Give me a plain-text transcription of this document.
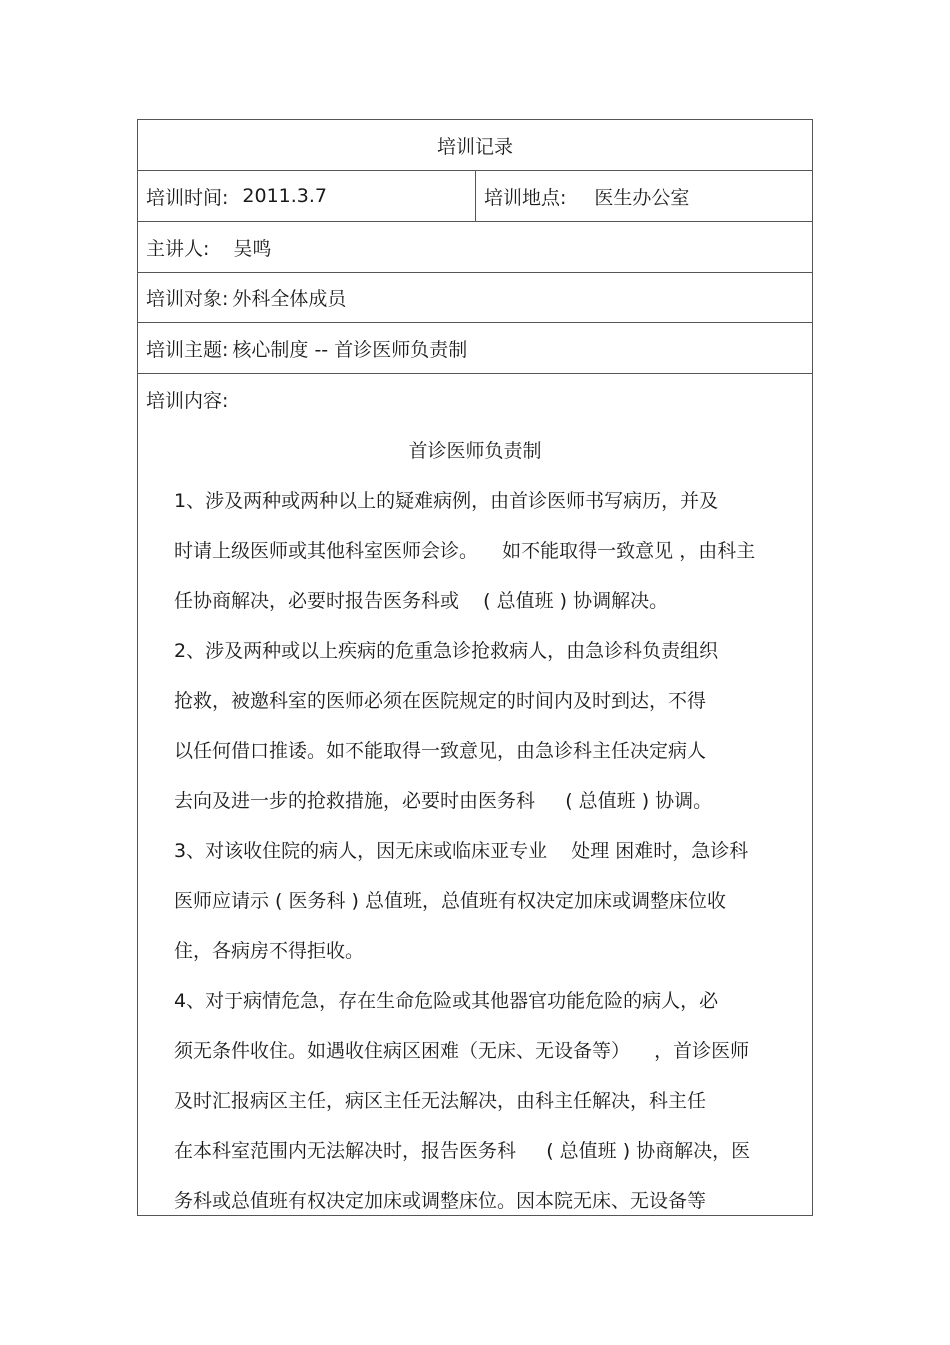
培训记录
培训时间: 2011.3.7	培训地点: 医生办公室
主讲人: 吴鸣
培训对象: 外科全体成员
培训主题: 核心制度 -- 首诊医师负责制
培训内容:
首诊医师负责制
1、涉及两种或两种以上的疑难病例，由首诊医师书写病历，并及
时请上级医师或其他科室医师会诊。    如不能取得一致意见 ，由科主
任协商解决，必要时报告医务科或    ( 总值班 ) 协调解决。
2、涉及两种或以上疾病的危重急诊抢救病人，由急诊科负责组织
抢救，被邀科室的医师必须在医院规定的时间内及时到达，不得
以任何借口推诿。如不能取得一致意见，由急诊科主任决定病人
去向及进一步的抢救措施，必要时由医务科     ( 总值班 ) 协调。
3、对该收住院的病人，因无床或临床亚专业    处理 困难时，急诊科
医师应请示 ( 医务科 ) 总值班，总值班有权决定加床或调整床位收
住，各病房不得拒收。
4、对于病情危急，存在生命危险或其他器官功能危险的病人，必
须无条件收住。如遇收住病区困难（无床、无设备等）    ，首诊医师
及时汇报病区主任，病区主任无法解决，由科主任解决，科主任
在本科室范围内无法解决时，报告医务科     ( 总值班 ) 协商解决，医
务科或总值班有权决定加床或调整床位。因本院无床、无设备等
